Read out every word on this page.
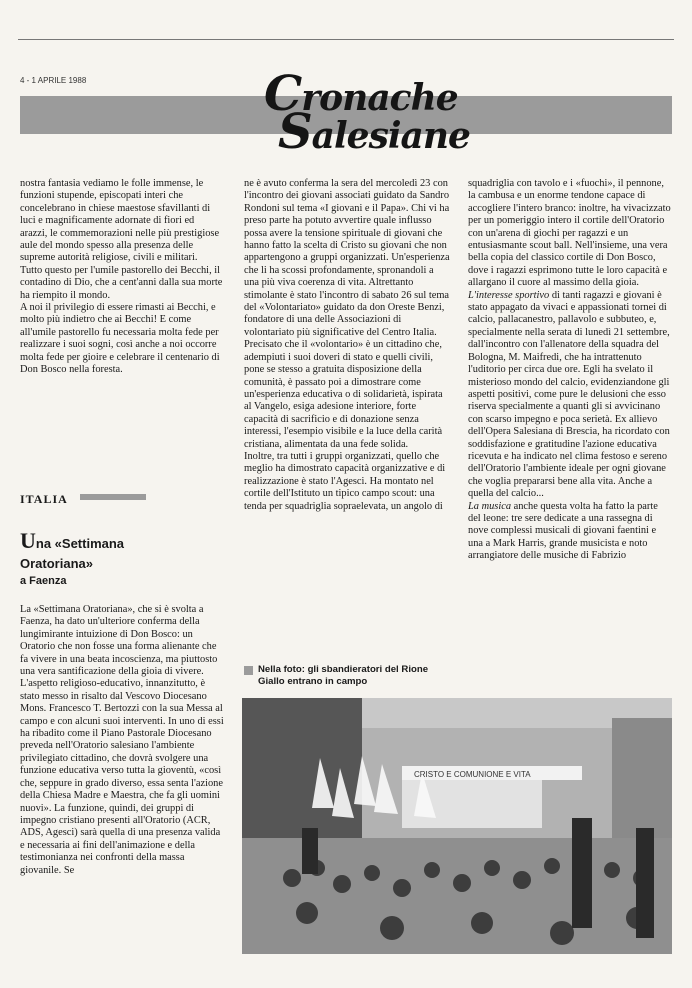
4 - 1 APRILE 1988	Cronache
Salesiane

nostra fantasia vediamo le folle immense, le funzioni stupende, episcopati interi che concelebrano in chiese maestose sfavillanti di luci e magnificamente adornate di fiori ed arazzi, le commemorazioni nelle più prestigiose aule del mondo spesso alla presenza delle supreme autorità religiose, civili e militari.

Tutto questo per l'umile pastorello dei Becchi, il contadino di Dio, che a cent'anni dalla sua morte ha riempito il mondo.

A noi il privilegio di essere rimasti ai Becchi, e molto più indietro che ai Becchi! E come all'umile pastorello fu necessaria molta fede per realizzare i suoi sogni, così anche a noi occorre molta fede per gioire e celebrare il centenario di Don Bosco nella foresta.

ITALIA
Una «Settimana
Oratoriana»
a Faenza

La «Settimana Oratoriana», che si è svolta a Faenza, ha dato un'ulteriore conferma della lungimirante intuizione di Don Bosco: un Oratorio che non fosse una forma alienante che fa vivere in una beata incoscienza, ma piuttosto una vera santificazione della gioia di vivere.

L'aspetto religioso-educativo, innanzitutto, è stato messo in risalto dal Vescovo Diocesano Mons. Francesco T. Bertozzi con la sua Messa al campo e con alcuni suoi interventi. In uno di essi ha ribadito come il Piano Pastorale Diocesano preveda nell'Oratorio salesiano l'ambiente privilegiato cittadino, che dovrà svolgere una funzione educativa verso tutta la gioventù, «così che, seppure in grado diverso, essa senta l'azione della Chiesa Madre e Maestra, che fa gli uomini nuovi». La funzione, quindi, dei gruppi di impegno cristiano presenti all'Oratorio (ACR, ADS, Agesci) sarà quella di una presenza valida e necessaria ai fini dell'animazione e della testimonianza nei confronti della massa giovanile. Se

ne è avuto conferma la sera del mercoledì 23 con l'incontro dei giovani associati guidato da Sandro Rondoni sul tema «I giovani e il Papa». Chi vi ha preso parte ha potuto avvertire quale influsso possa avere la tensione spirituale di giovani che hanno fatto la scelta di Cristo su giovani che non appartengono a gruppi organizzati. Un'esperienza che li ha scossi profondamente, spronandoli a una più viva coerenza di vita. Altrettanto stimolante è stato l'incontro di sabato 26 sul tema del «Volontariato» guidato da don Oreste Benzi, fondatore di una delle Associazioni di volontariato più significative del Centro Italia. Precisato che il «volontario» è un cittadino che, adempiuti i suoi doveri di stato e quelli civili, pone se stesso a gratuita disposizione della comunità, è passato poi a dimostrare come un'esperienza educativa o di solidarietà, ispirata al Vangelo, esiga adesione interiore, forte capacità di sacrificio e di donazione senza interessi, l'esempio visibile e la luce della carità cristiana, alimentata da una fede solida.

Inoltre, tra tutti i gruppi organizzati, quello che meglio ha dimostrato capacità organizzative e di realizzazione è stato l'Agesci. Ha montato nel cortile dell'Istituto un tipico campo scout: una tenda per squadriglia sopraelevata, un angolo di

Nella foto: gli sbandieratori del Rione Giallo entrano in campo

squadriglia con tavolo e i «fuochi», il pennone, la cambusa e un enorme tendone capace di accogliere l'intero branco: inoltre, ha vivacizzato per un pomeriggio intero il cortile dell'Oratorio con un'arena di giochi per ragazzi e un entusiasmante scout ball. Nell'insieme, una vera bella copia del classico cortile di Don Bosco, dove i ragazzi esprimono tutte le loro capacità e allargano il cuore al massimo della gioia.

L'interesse sportivo di tanti ragazzi e giovani è stato appagato da vivaci e appassionati tornei di calcio, pallacanestro, pallavolo e subbuteo, e, specialmente nella serata di lunedì 21 settembre, dall'incontro con l'allenatore della squadra del Bologna, M. Maifredi, che ha intrattenuto l'uditorio per circa due ore. Egli ha svelato il misterioso mondo del calcio, evidenziandone gli aspetti positivi, come pure le delusioni che esso riserva specialmente a quanti gli si avvicinano con scarso impegno e poca serietà. Ex allievo dell'Opera Salesiana di Brescia, ha ricordato con soddisfazione e gratitudine l'azione educativa ricevuta e ha indicato nel clima festoso e sereno dell'Oratorio l'ambiente ideale per ogni giovane che voglia prepararsi bene alla vita. Anche a quella del calcio...

La musica anche questa volta ha fatto la parte del leone: tre sere dedicate a una rassegna di nove complessi musicali di giovani faentini e una a Mark Harris, grande musicista e noto arrangiatore delle musiche di Fabrizio

CRISTO E COMUNIONE E VITA
